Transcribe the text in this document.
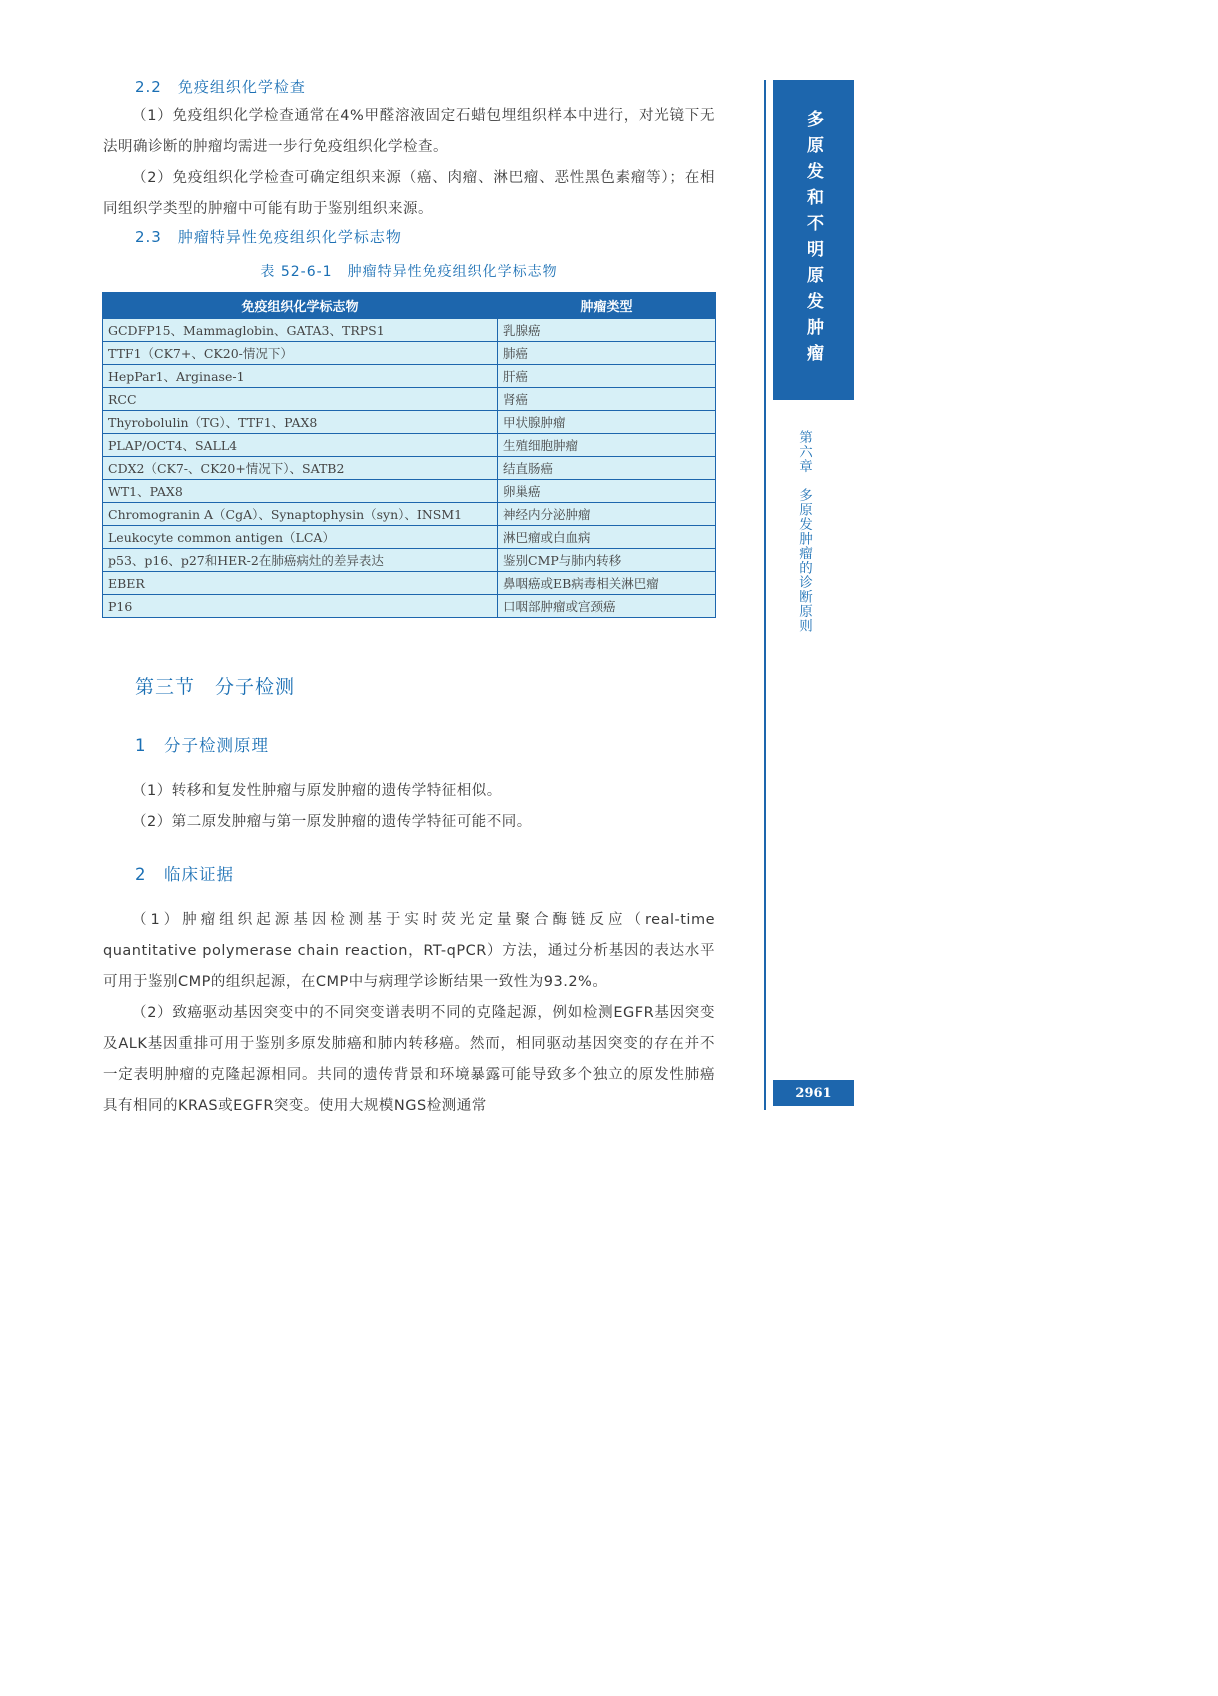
2.2　免疫组织化学检查

（1）免疫组织化学检查通常在4%甲醛溶液固定石蜡包埋组织样本中进行，对光镜下无法明确诊断的肿瘤均需进一步行免疫组织化学检查。

（2）免疫组织化学检查可确定组织来源（癌、肉瘤、淋巴瘤、恶性黑色素瘤等）；在相同组织学类型的肿瘤中可能有助于鉴别组织来源。

2.3　肿瘤特异性免疫组织化学标志物
表 52-6-1　肿瘤特异性免疫组织化学标志物
免疫组织化学标志物	肿瘤类型
GCDFP15、Mammaglobin、GATA3、TRPS1	乳腺癌
TTF1（CK7+、CK20-情况下）	肺癌
HepPar1、Arginase-1	肝癌
RCC	肾癌
Thyrobolulin（TG）、TTF1、PAX8	甲状腺肿瘤
PLAP/OCT4、SALL4	生殖细胞肿瘤
CDX2（CK7-、CK20+情况下）、SATB2	结直肠癌
WT1、PAX8	卵巢癌
Chromogranin A（CgA）、Synaptophysin（syn）、INSM1	神经内分泌肿瘤
Leukocyte common antigen（LCA）	淋巴瘤或白血病
p53、p16、p27和HER-2在肺癌病灶的差异表达	鉴别CMP与肺内转移
EBER	鼻咽癌或EB病毒相关淋巴瘤
P16	口咽部肿瘤或宫颈癌
第三节　分子检测
1　分子检测原理

（1）转移和复发性肿瘤与原发肿瘤的遗传学特征相似。

（2）第二原发肿瘤与第一原发肿瘤的遗传学特征可能不同。

2　临床证据

（1）肿瘤组织起源基因检测基于实时荧光定量聚合酶链反应（real-time quantitative polymerase chain reaction，RT-qPCR）方法，通过分析基因的表达水平可用于鉴别CMP的组织起源，在CMP中与病理学诊断结果一致性为93.2%。

（2）致癌驱动基因突变中的不同突变谱表明不同的克隆起源，例如检测EGFR基因突变及ALK基因重排可用于鉴别多原发肺癌和肺内转移癌。然而，相同驱动基因突变的存在并不一定表明肿瘤的克隆起源相同。共同的遗传背景和环境暴露可能导致多个独立的原发性肺癌具有相同的KRAS或EGFR突变。使用大规模NGS检测通常

多原发和不明原发肿瘤
第六章　多原发肿瘤的诊断原则
2961
